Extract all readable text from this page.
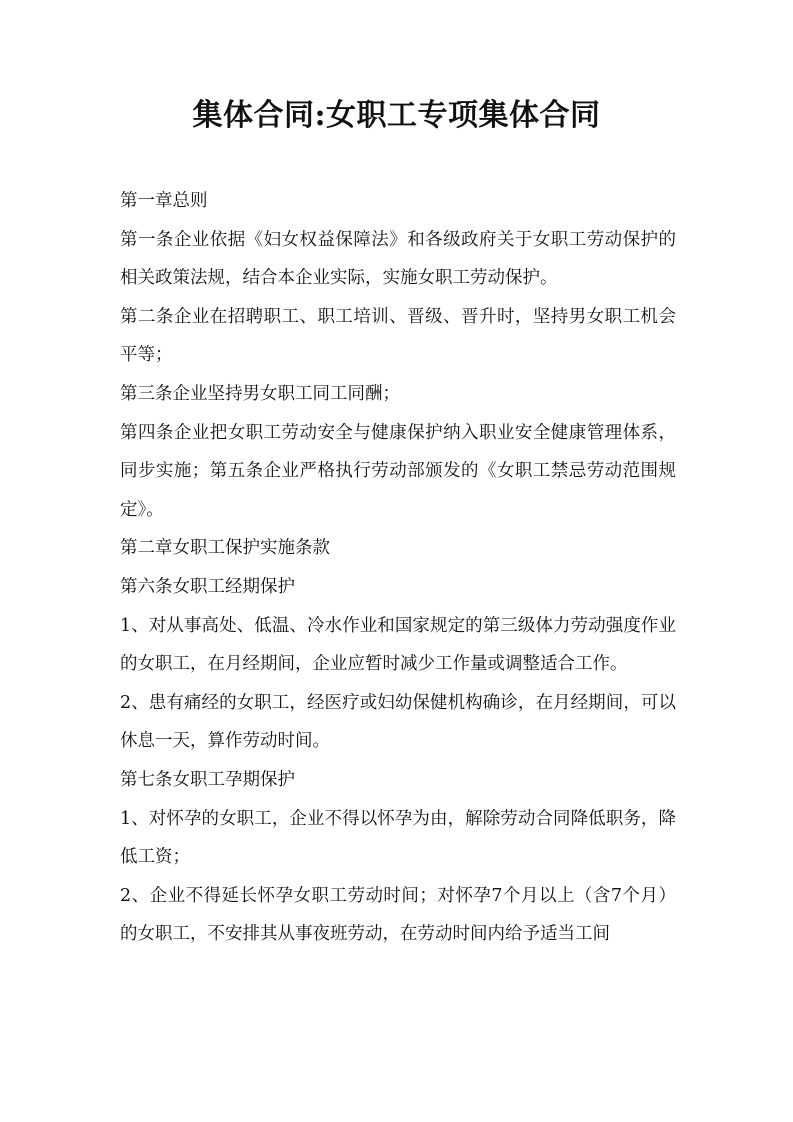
集体合同:女职工专项集体合同

第一章总则

第一条企业依据《妇女权益保障法》和各级政府关于女职工劳动保护的相关政策法规，结合本企业实际，实施女职工劳动保护。

第二条企业在招聘职工、职工培训、晋级、晋升时，坚持男女职工机会平等；

第三条企业坚持男女职工同工同酬；

第四条企业把女职工劳动安全与健康保护纳入职业安全健康管理体系，同步实施；第五条企业严格执行劳动部颁发的《女职工禁忌劳动范围规定》。

第二章女职工保护实施条款

第六条女职工经期保护

1、对从事高处、低温、冷水作业和国家规定的第三级体力劳动强度作业的女职工，在月经期间，企业应暂时减少工作量或调整适合工作。

2、患有痛经的女职工，经医疗或妇幼保健机构确诊，在月经期间，可以休息一天，算作劳动时间。

第七条女职工孕期保护

1、对怀孕的女职工，企业不得以怀孕为由，解除劳动合同降低职务，降低工资；

2、企业不得延长怀孕女职工劳动时间；对怀孕7个月以上（含7个月）的女职工，不安排其从事夜班劳动，在劳动时间内给予适当工间
